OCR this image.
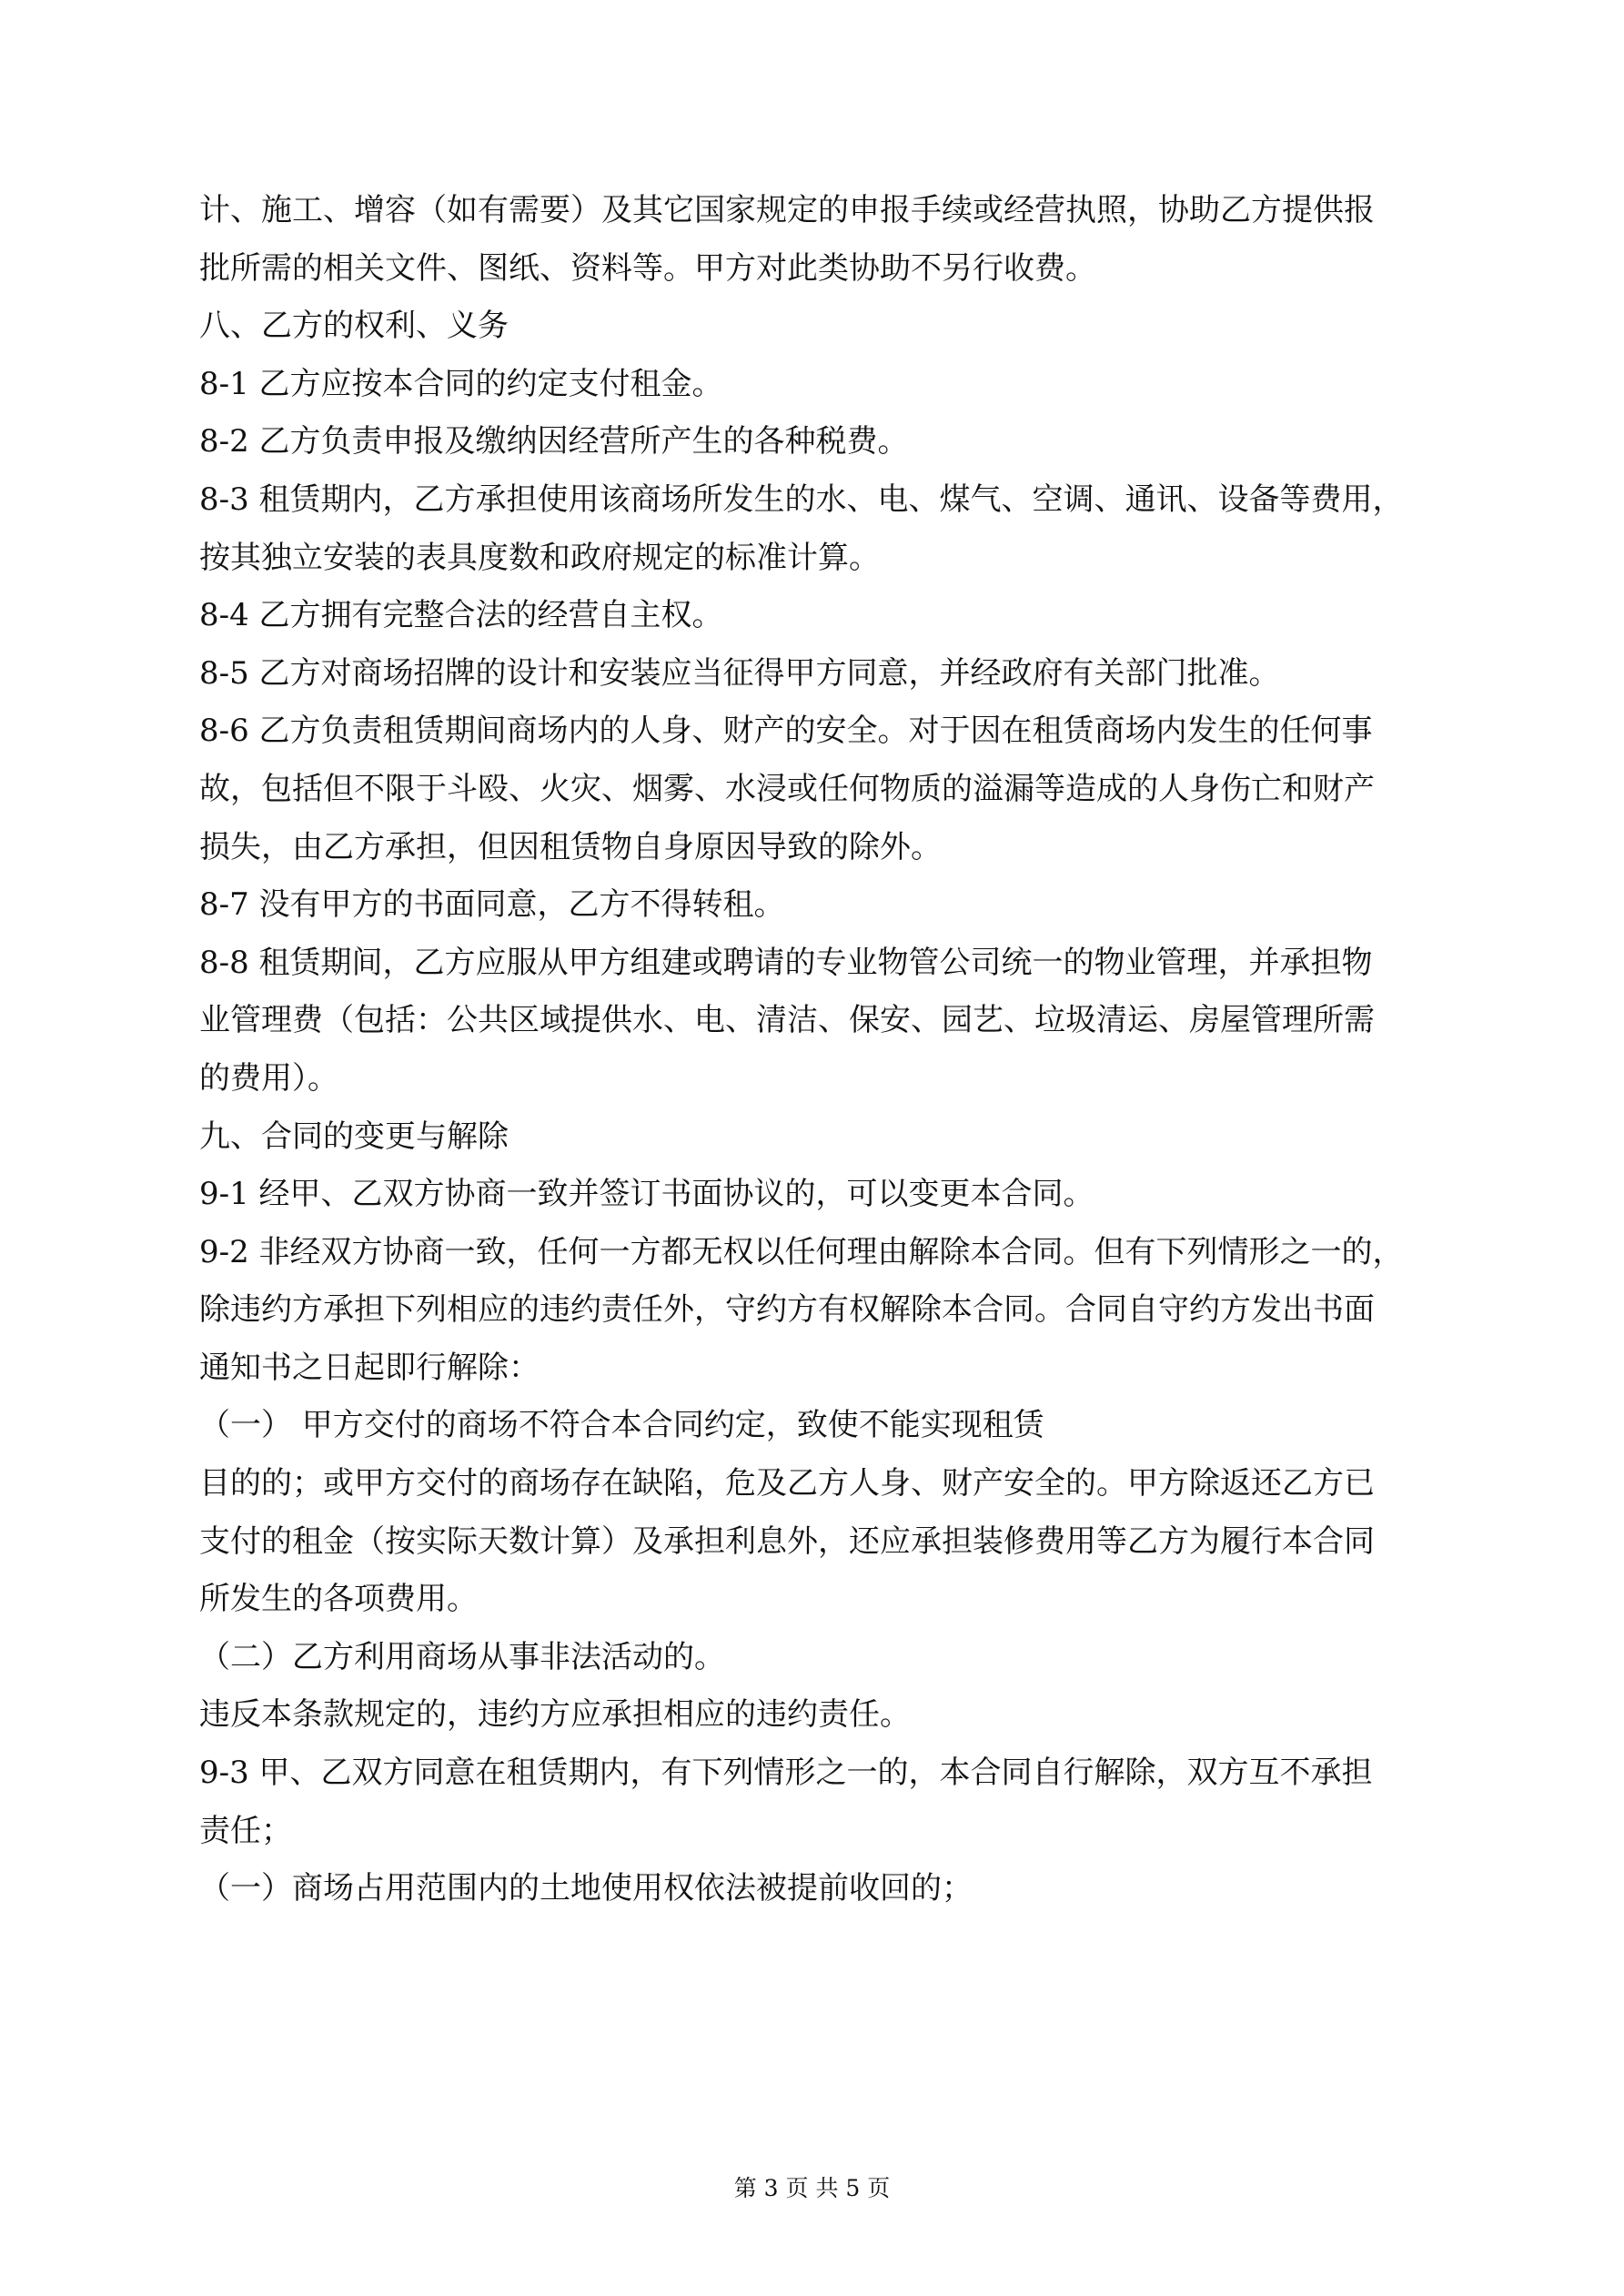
计、施工、增容（如有需要）及其它国家规定的申报手续或经营执照，协助乙方提供报
批所需的相关文件、图纸、资料等。甲方对此类协助不另行收费。
八、乙方的权利、义务
8-1 乙方应按本合同的约定支付租金。
8-2 乙方负责申报及缴纳因经营所产生的各种税费。
8-3 租赁期内，乙方承担使用该商场所发生的水、电、煤气、空调、通讯、设备等费用，
按其独立安装的表具度数和政府规定的标准计算。
8-4 乙方拥有完整合法的经营自主权。
8-5 乙方对商场招牌的设计和安装应当征得甲方同意，并经政府有关部门批准。
8-6 乙方负责租赁期间商场内的人身、财产的安全。对于因在租赁商场内发生的任何事
故，包括但不限于斗殴、火灾、烟雾、水浸或任何物质的溢漏等造成的人身伤亡和财产
损失，由乙方承担，但因租赁物自身原因导致的除外。
8-7 没有甲方的书面同意，乙方不得转租。
8-8 租赁期间，乙方应服从甲方组建或聘请的专业物管公司统一的物业管理，并承担物
业管理费（包括：公共区域提供水、电、清洁、保安、园艺、垃圾清运、房屋管理所需
的费用）。
九、合同的变更与解除
9-1 经甲、乙双方协商一致并签订书面协议的，可以变更本合同。
9-2 非经双方协商一致，任何一方都无权以任何理由解除本合同。但有下列情形之一的，
除违约方承担下列相应的违约责任外，守约方有权解除本合同。合同自守约方发出书面
通知书之日起即行解除：
（一） 甲方交付的商场不符合本合同约定，致使不能实现租赁
目的的；或甲方交付的商场存在缺陷，危及乙方人身、财产安全的。甲方除返还乙方已
支付的租金（按实际天数计算）及承担利息外，还应承担装修费用等乙方为履行本合同
所发生的各项费用。
（二）乙方利用商场从事非法活动的。
违反本条款规定的，违约方应承担相应的违约责任。
9-3 甲、乙双方同意在租赁期内，有下列情形之一的，本合同自行解除，双方互不承担
责任；
（一）商场占用范围内的土地使用权依法被提前收回的；
第 3 页 共 5 页
